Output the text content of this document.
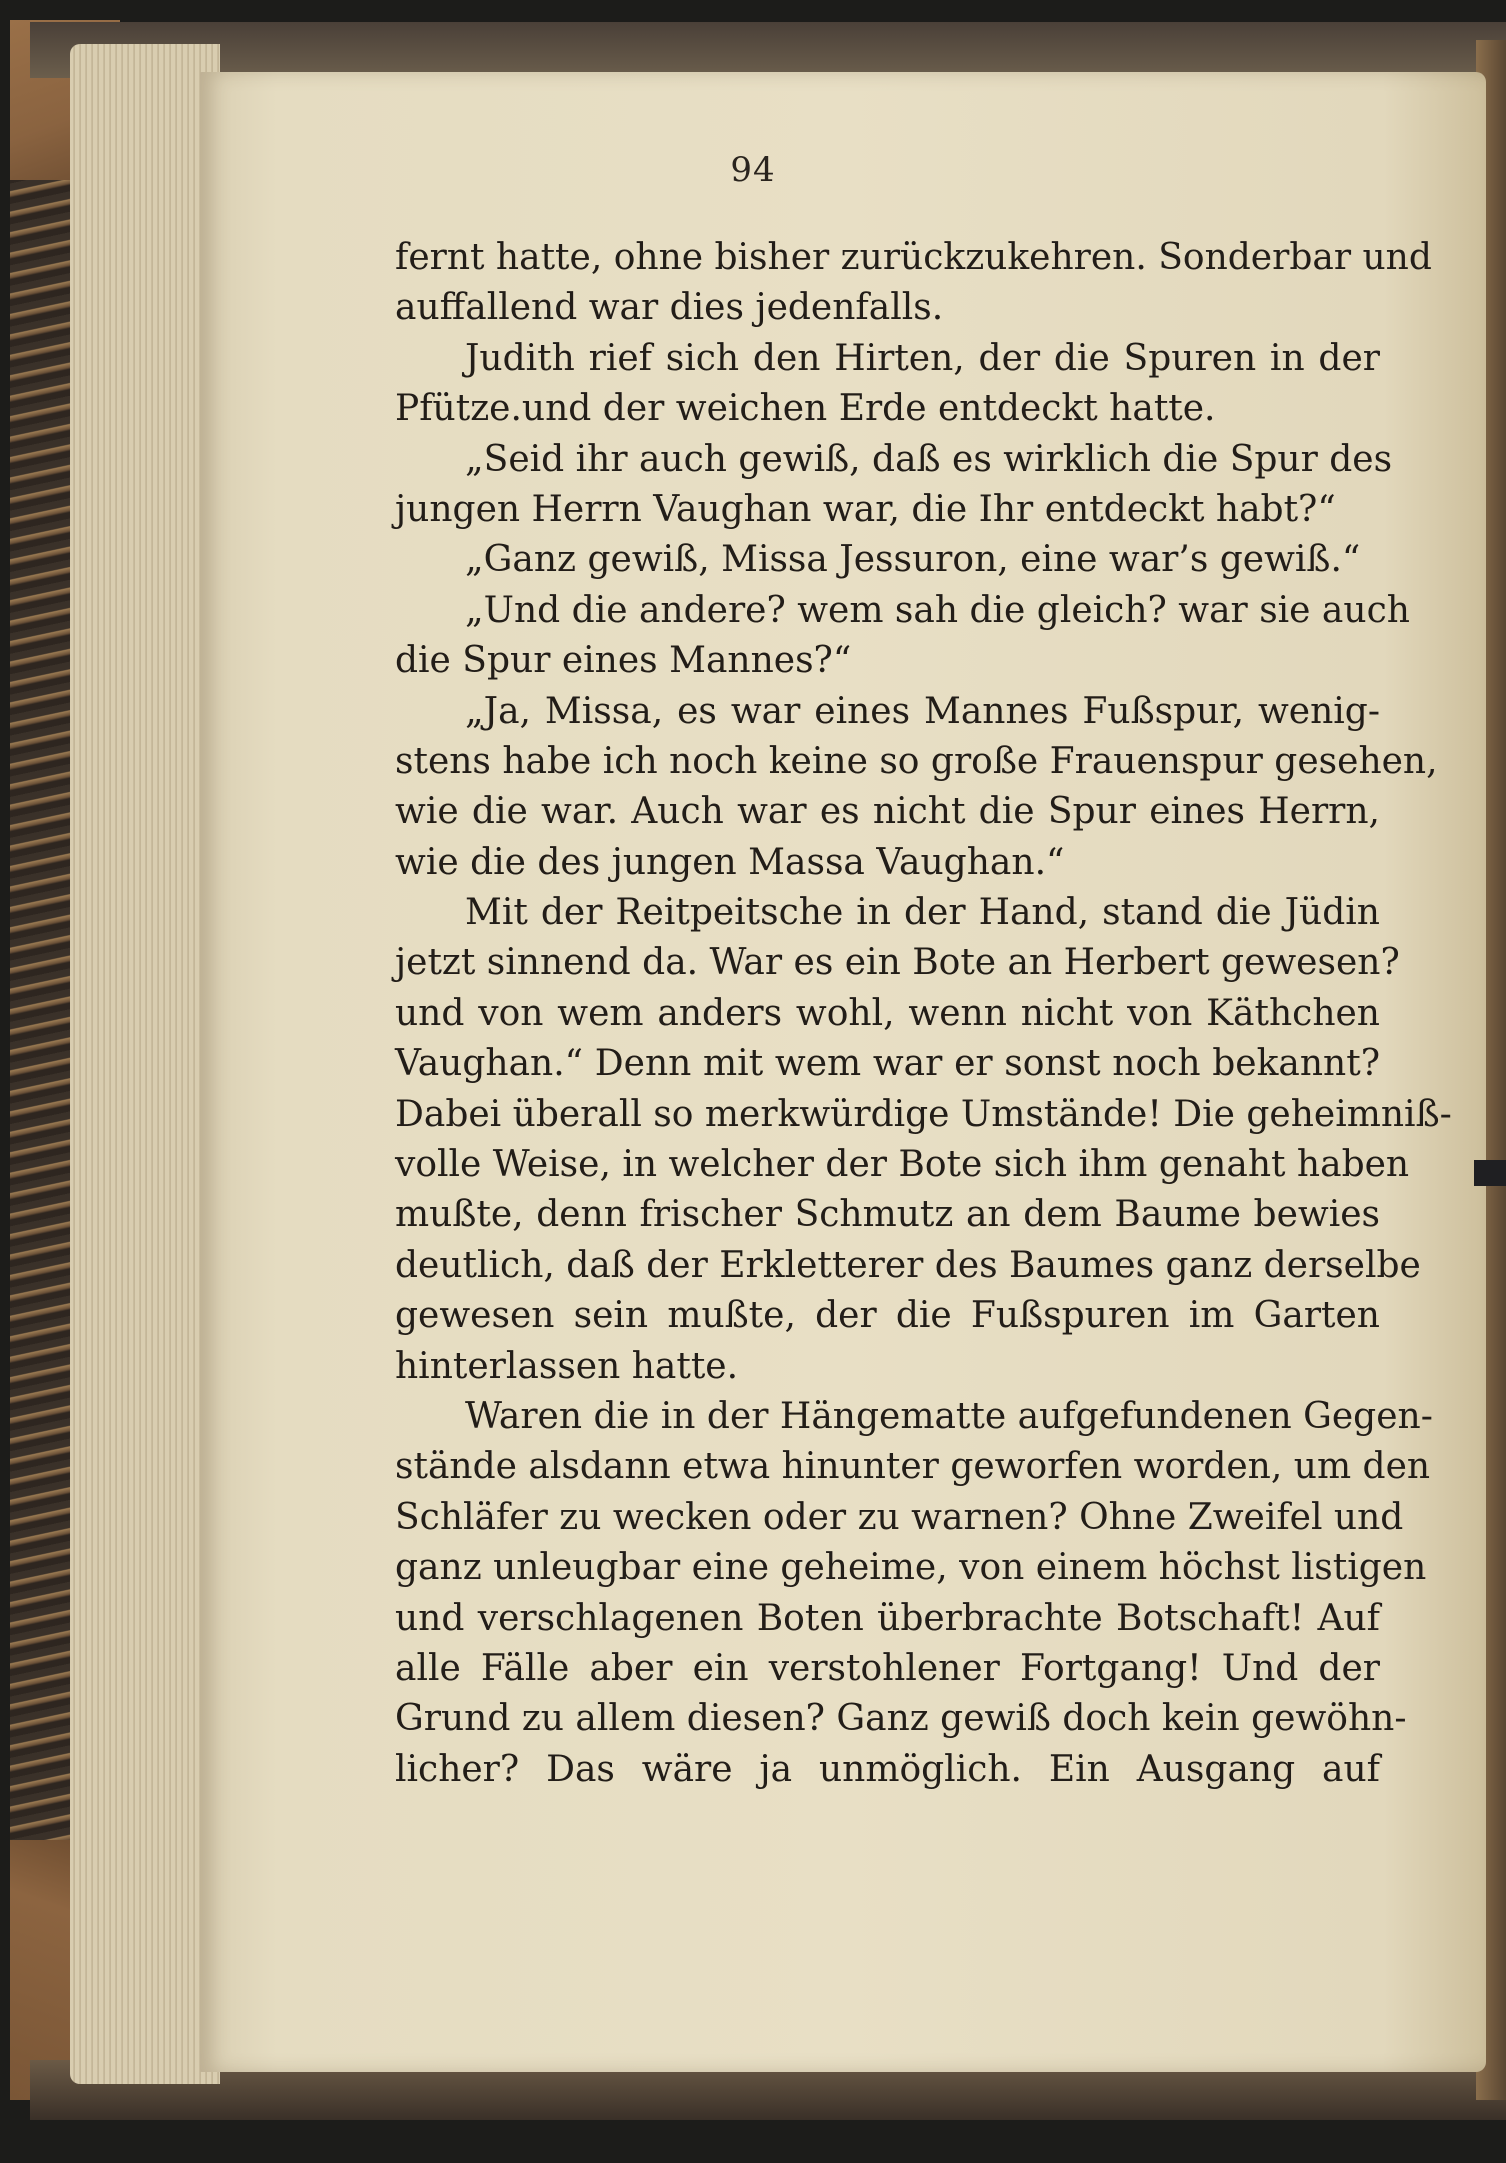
94
fernt hatte, ohne bisher zurückzukehren. Sonderbar und
auffallend war dies jedenfalls.
Judith rief sich den Hirten, der die Spuren in der
Pfütze.und der weichen Erde entdeckt hatte.
„Seid ihr auch gewiß, daß es wirklich die Spur des
jungen Herrn Vaughan war, die Ihr entdeckt habt?“
„Ganz gewiß, Missa Jessuron, eine war’s gewiß.“
„Und die andere? wem sah die gleich? war sie auch
die Spur eines Mannes?“
„Ja, Missa, es war eines Mannes Fußspur, wenig-
stens habe ich noch keine so große Frauenspur gesehen,
wie die war. Auch war es nicht die Spur eines Herrn,
wie die des jungen Massa Vaughan.“
Mit der Reitpeitsche in der Hand, stand die Jüdin
jetzt sinnend da. War es ein Bote an Herbert gewesen?
und von wem anders wohl, wenn nicht von Käthchen
Vaughan.“ Denn mit wem war er sonst noch bekannt?
Dabei überall so merkwürdige Umstände! Die geheimniß-
volle Weise, in welcher der Bote sich ihm genaht haben
mußte, denn frischer Schmutz an dem Baume bewies
deutlich, daß der Erkletterer des Baumes ganz derselbe
gewesen sein mußte, der die Fußspuren im Garten
hinterlassen hatte.
Waren die in der Hängematte aufgefundenen Gegen-
stände alsdann etwa hinunter geworfen worden, um den
Schläfer zu wecken oder zu warnen? Ohne Zweifel und
ganz unleugbar eine geheime, von einem höchst listigen
und verschlagenen Boten überbrachte Botschaft! Auf
alle Fälle aber ein verstohlener Fortgang! Und der
Grund zu allem diesen? Ganz gewiß doch kein gewöhn-
licher? Das wäre ja unmöglich. Ein Ausgang auf
